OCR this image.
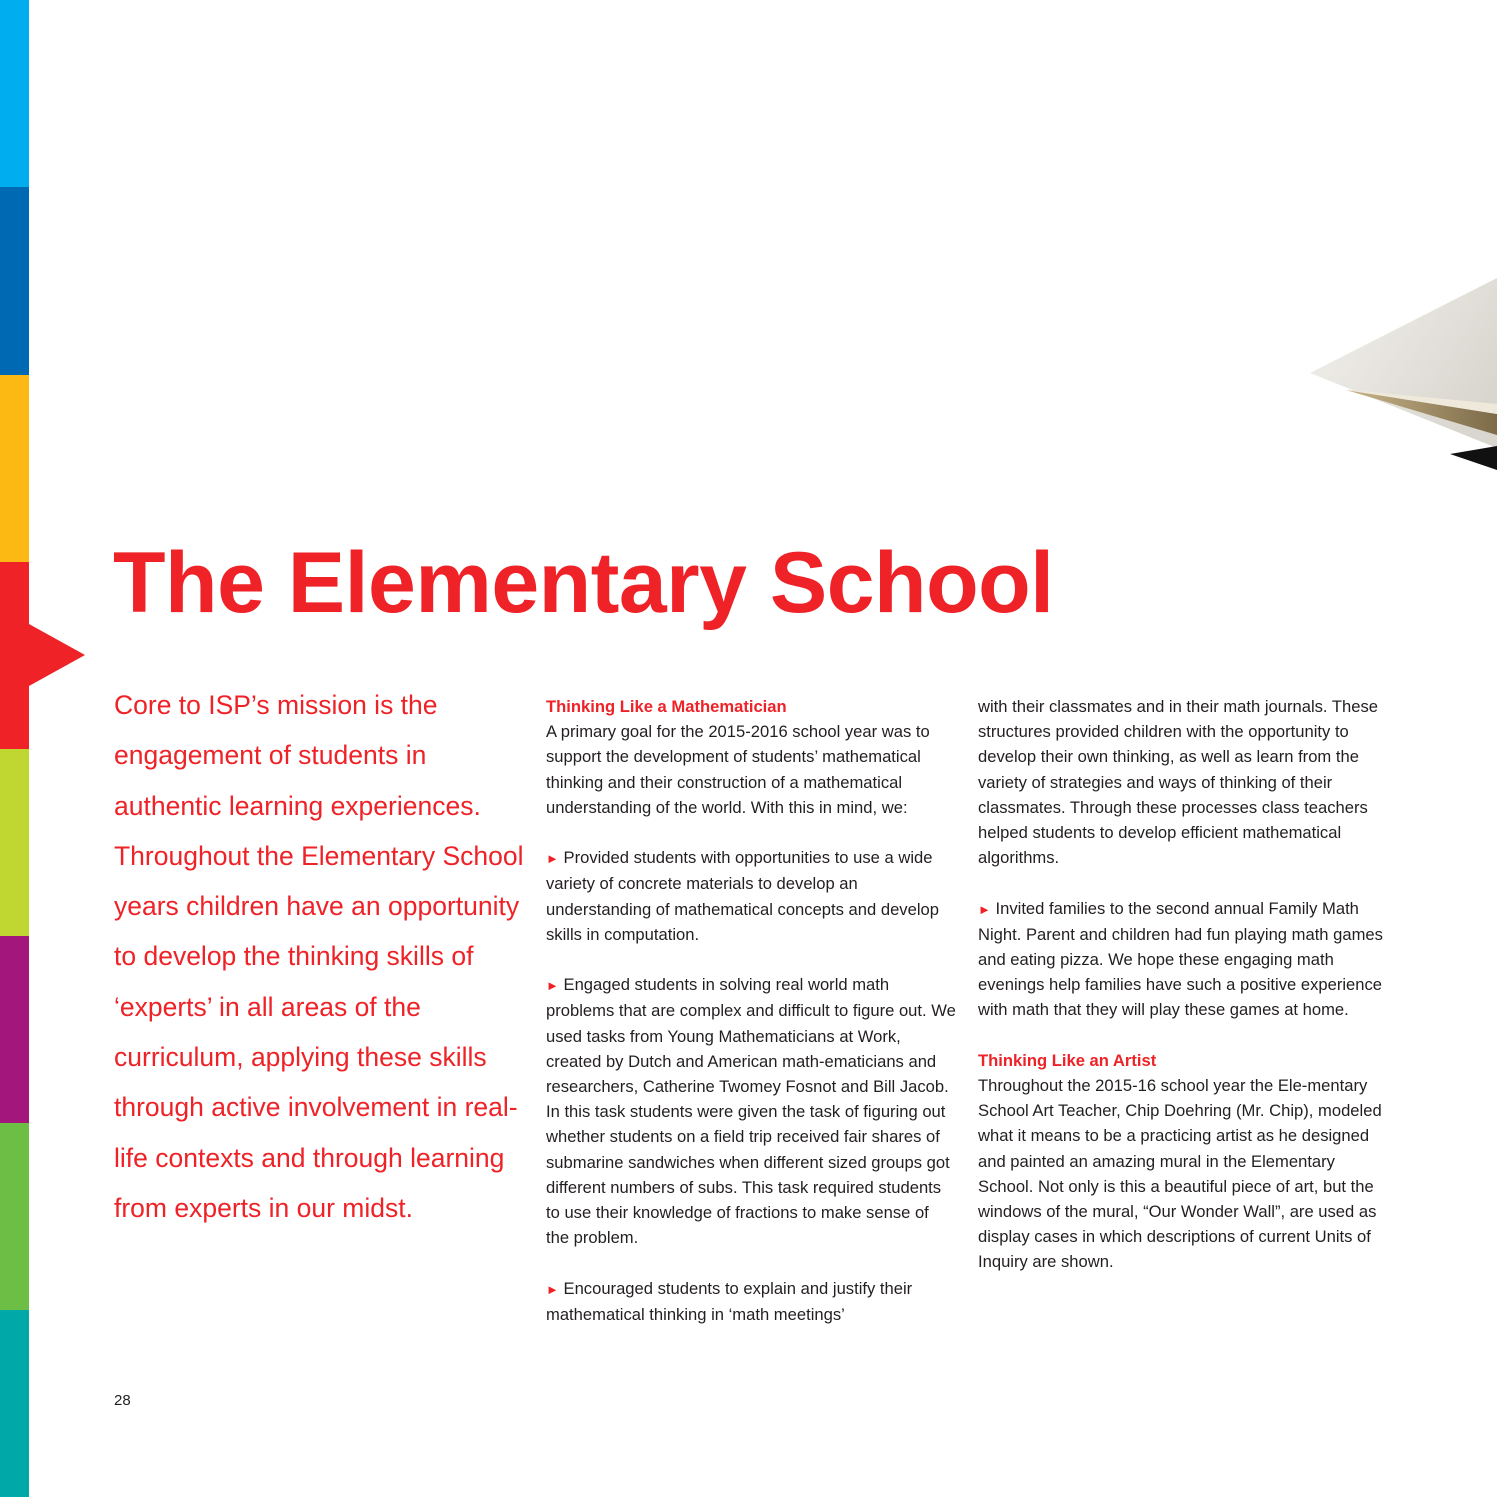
The Elementary School

Core to ISP’s mission is the engagement of students in authentic learning experiences. Throughout the Elementary School years children have an opportunity to develop the thinking skills of ‘experts’ in all areas of the curriculum, applying these skills through active involvement in real-life contexts and through learning from experts in our midst.

Thinking Like a Mathematician

A primary goal for the 2015-2016 school year was to support the development of students’ mathematical thinking and their construction of a mathematical understanding of the world. With this in mind, we:

► Provided students with opportunities to use a wide variety of concrete materials to develop an understanding of mathematical concepts and develop skills in computation.

► Engaged students in solving real world math problems that are complex and difficult to figure out. We used tasks from Young Mathematicians at Work, created by Dutch and American math-ematicians and researchers, Catherine Twomey Fosnot and Bill Jacob. In this task students were given the task of figuring out whether students on a field trip received fair shares of submarine sandwiches when different sized groups got different numbers of subs. This task required students to use their knowledge of fractions to make sense of the problem.

► Encouraged students to explain and justify their mathematical thinking in ‘math meetings’

with their classmates and in their math journals. These structures provided children with the opportunity to develop their own thinking, as well as learn from the variety of strategies and ways of thinking of their classmates. Through these processes class teachers helped students to develop efficient mathematical algorithms.

► Invited families to the second annual Family Math Night. Parent and children had fun playing math games and eating pizza. We hope these engaging math evenings help families have such a positive experience with math that they will play these games at home.

Thinking Like an Artist

Throughout the 2015-16 school year the Ele-mentary School Art Teacher, Chip Doehring (Mr. Chip), modeled what it means to be a practicing artist as he designed and painted an amazing mural in the Elementary School. Not only is this a beautiful piece of art, but the windows of the mural, “Our Wonder Wall”, are used as display cases in which descriptions of current Units of Inquiry are shown.

28
